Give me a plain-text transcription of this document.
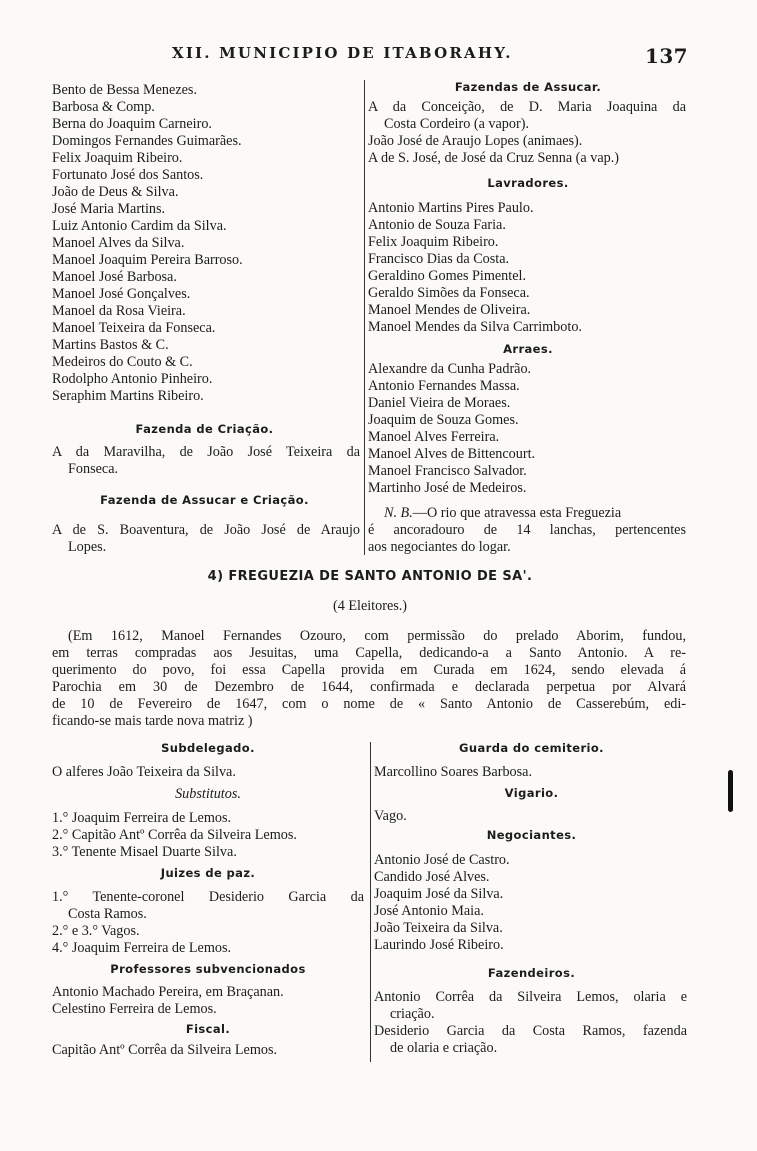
XII. MUNICIPIO DE ITABORAHY.	137
Bento de Bessa Menezes.
Barbosa & Comp.
Berna do Joaquim Carneiro.
Domingos Fernandes Guimarães.
Felix Joaquim Ribeiro.
Fortunato José dos Santos.
João de Deus & Silva.
José Maria Martins.
Luiz Antonio Cardim da Silva.
Manoel Alves da Silva.
Manoel Joaquim Pereira Barroso.
Manoel José Barbosa.
Manoel José Gonçalves.
Manoel da Rosa Vieira.
Manoel Teixeira da Fonseca.
Martins Bastos & C.
Medeiros do Couto & C.
Rodolpho Antonio Pinheiro.
Seraphim Martins Ribeiro.
Fazenda de Criação.
A da Maravilha, de João José Teixeira da
Fonseca.
Fazenda de Assucar e Criação.
A de S. Boaventura, de João José de Araujo
Lopes.
Fazendas de Assucar.
A da Conceição, de D. Maria Joaquina da
Costa Cordeiro (a vapor).
João José de Araujo Lopes (animaes).
A de S. José, de José da Cruz Senna (a vap.)
Lavradores.
Antonio Martins Pires Paulo.
Antonio de Souza Faria.
Felix Joaquim Ribeiro.
Francisco Dias da Costa.
Geraldino Gomes Pimentel.
Geraldo Simões da Fonseca.
Manoel Mendes de Oliveira.
Manoel Mendes da Silva Carrimboto.
Arraes.
Alexandre da Cunha Padrão.
Antonio Fernandes Massa.
Daniel Vieira de Moraes.
Joaquim de Souza Gomes.
Manoel Alves Ferreira.
Manoel Alves de Bittencourt.
Manoel Francisco Salvador.
Martinho José de Medeiros.
N. B.—O rio que atravessa esta Freguezia
é ancoradouro de 14 lanchas, pertencentes
aos negociantes do logar.
4) FREGUEZIA DE SANTO ANTONIO DE SA'.
(4 Eleitores.)
(Em 1612, Manoel Fernandes Ozouro, com permissão do prelado Aborim, fundou,
em terras compradas aos Jesuitas, uma Capella, dedicando-a a Santo Antonio. A re-
querimento do povo, foi essa Capella provida em Curada em 1624, sendo elevada á
Parochia em 30 de Dezembro de 1644, confirmada e declarada perpetua por Alvará
de 10 de Fevereiro de 1647, com o nome de « Santo Antonio de Casserebúm, edi-
ficando-se mais tarde nova matriz )
Subdelegado.
O alferes João Teixeira da Silva.
Substitutos.
1.° Joaquim Ferreira de Lemos.
2.° Capitão Antº Corrêa da Silveira Lemos.
3.° Tenente Misael Duarte Silva.
Juizes de paz.
1.° Tenente-coronel Desiderio Garcia da
Costa Ramos.
2.° e 3.° Vagos.
4.° Joaquim Ferreira de Lemos.
Professores subvencionados
Antonio Machado Pereira, em Braçanan.
Celestino Ferreira de Lemos.
Fiscal.
Capitão Antº Corrêa da Silveira Lemos.
Guarda do cemiterio.
Marcollino Soares Barbosa.
Vigario.
Vago.
Negociantes.
Antonio José de Castro.
Candido José Alves.
Joaquim José da Silva.
José Antonio Maia.
João Teixeira da Silva.
Laurindo José Ribeiro.
Fazendeiros.
Antonio Corrêa da Silveira Lemos, olaria e
criação.
Desiderio Garcia da Costa Ramos, fazenda
de olaria e criação.
